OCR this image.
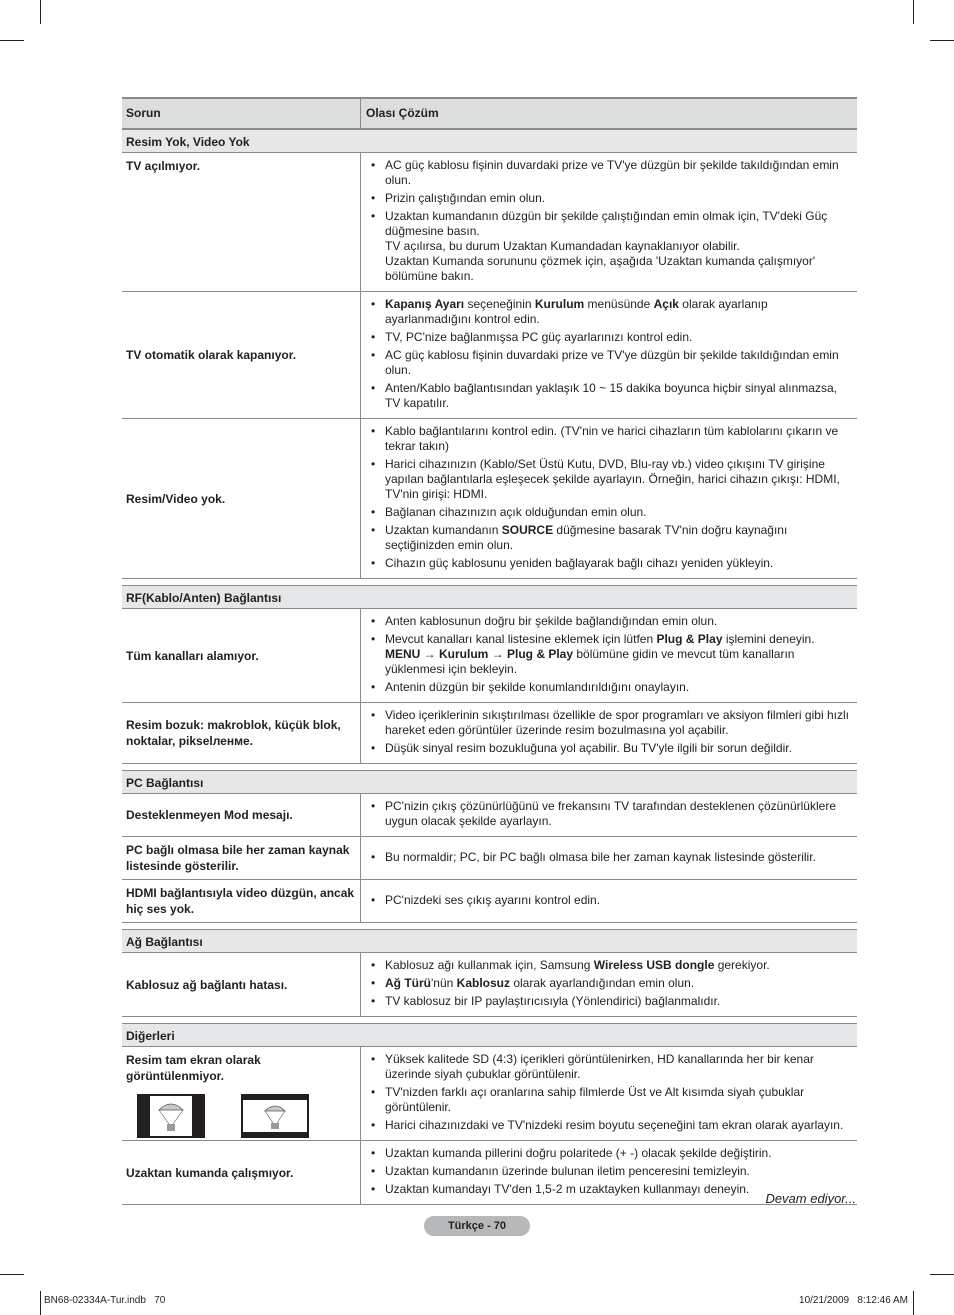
Sorun	Olası Çözüm
Resim Yok, Video Yok
TV açılmıyor.
•	AC güç kablosu fişinin duvardaki prize ve TV'ye düzgün bir şekilde takıldığından emin olun.
• Prizin çalıştığından emin olun.
• Uzaktan kumandanın düzgün bir şekilde çalıştığından emin olmak için, TV'deki Güç düğmesine basın.
TV açılırsa, bu durum Uzaktan Kumandadan kaynaklanıyor olabilir.
Uzaktan Kumanda sorununu çözmek için, aşağıda 'Uzaktan kumanda çalışmıyor' bölümüne bakın.
TV otomatik olarak kapanıyor.
• Kapanış Ayarı seçeneğinin Kurulum menüsünde Açık olarak ayarlanıp ayarlanmadığını kontrol edin.
• TV, PC'nize bağlanmışsa PC güç ayarlarınızı kontrol edin.
• AC güç kablosu fişinin duvardaki prize ve TV'ye düzgün bir şekilde takıldığından emin olun.
• Anten/Kablo bağlantısından yaklaşık 10 ~ 15 dakika boyunca hiçbir sinyal alınmazsa, TV kapatılır.
Resim/Video yok.
• Kablo bağlantılarını kontrol edin. (TV'nin ve harici cihazların tüm kablolarını çıkarın ve tekrar takın)
• Harici cihazınızın (Kablo/Set Üstü Kutu, DVD, Blu-ray vb.) video çıkışını TV girişine yapılan bağlantılarla eşleşecek şekilde ayarlayın. Örneğin, harici cihazın çıkışı: HDMI, TV'nin girişi: HDMI.
• Bağlanan cihazınızın açık olduğundan emin olun.
• Uzaktan kumandanın SOURCE düğmesine basarak TV'nin doğru kaynağını seçtiğinizden emin olun.
• Cihazın güç kablosunu yeniden bağlayarak bağlı cihazı yeniden yükleyin.
RF(Kablo/Anten) Bağlantısı
Tüm kanalları alamıyor.
• Anten kablosunun doğru bir şekilde bağlandığından emin olun.
• Mevcut kanalları kanal listesine eklemek için lütfen Plug & Play işlemini deneyin. MENU → Kurulum → Plug & Play bölümüne gidin ve mevcut tüm kanalların yüklenmesi için bekleyin.
• Antenin düzgün bir şekilde konumlandırıldığını onaylayın.
Resim bozuk: makroblok, küçük blok, noktalar, pikselленме.
• Video içeriklerinin sıkıştırılması özellikle de spor programları ve aksiyon filmleri gibi hızlı hareket eden görüntüler üzerinde resim bozulmasına yol açabilir.
• Düşük sinyal resim bozukluğuna yol açabilir. Bu TV'yle ilgili bir sorun değildir.
PC Bağlantısı
Desteklenmeyen Mod mesajı.
• PC'nizin çıkış çözünürlüğünü ve frekansını TV tarafından desteklenen çözünürlüklere uygun olacak şekilde ayarlayın.
PC bağlı olmasa bile her zaman kaynak listesinde gösterilir.
• Bu normaldir; PC, bir PC bağlı olmasa bile her zaman kaynak listesinde gösterilir.
HDMI bağlantısıyla video düzgün, ancak hiç ses yok.
• PC'nizdeki ses çıkış ayarını kontrol edin.
Ağ Bağlantısı
Kablosuz ağ bağlantı hatası.
• Kablosuz ağı kullanmak için, Samsung Wireless USB dongle gerekiyor.
• Ağ Türü'nün Kablosuz olarak ayarlandığından emin olun.
• TV kablosuz bir IP paylaştırıcısıyla (Yönlendirici) bağlanmalıdır.
Diğerleri
Resim tam ekran olarak görüntülenmiyor.
• Yüksek kalitede SD (4:3) içerikleri görüntülenirken, HD kanallarında her bir kenar üzerinde siyah çubuklar görüntülenir.
• TV'nizden farklı açı oranlarına sahip filmlerde Üst ve Alt kısımda siyah çubuklar görüntülenir.
• Harici cihazınızdaki ve TV'nizdeki resim boyutu seçeneğini tam ekran olarak ayarlayın.
Uzaktan kumanda çalışmıyor.
• Uzaktan kumanda pillerini doğru polaritede (+ -) olacak şekilde değiştirin.
• Uzaktan kumandanın üzerinde bulunan iletim penceresini temizleyin.
• Uzaktan kumandayı TV'den 1,5-2 m uzaktayken kullanmayı deneyin.
Devam ediyor...
Türkçe - 70
BN68-02334A-Tur.indb   70	10/21/2009   8:12:46 AM
